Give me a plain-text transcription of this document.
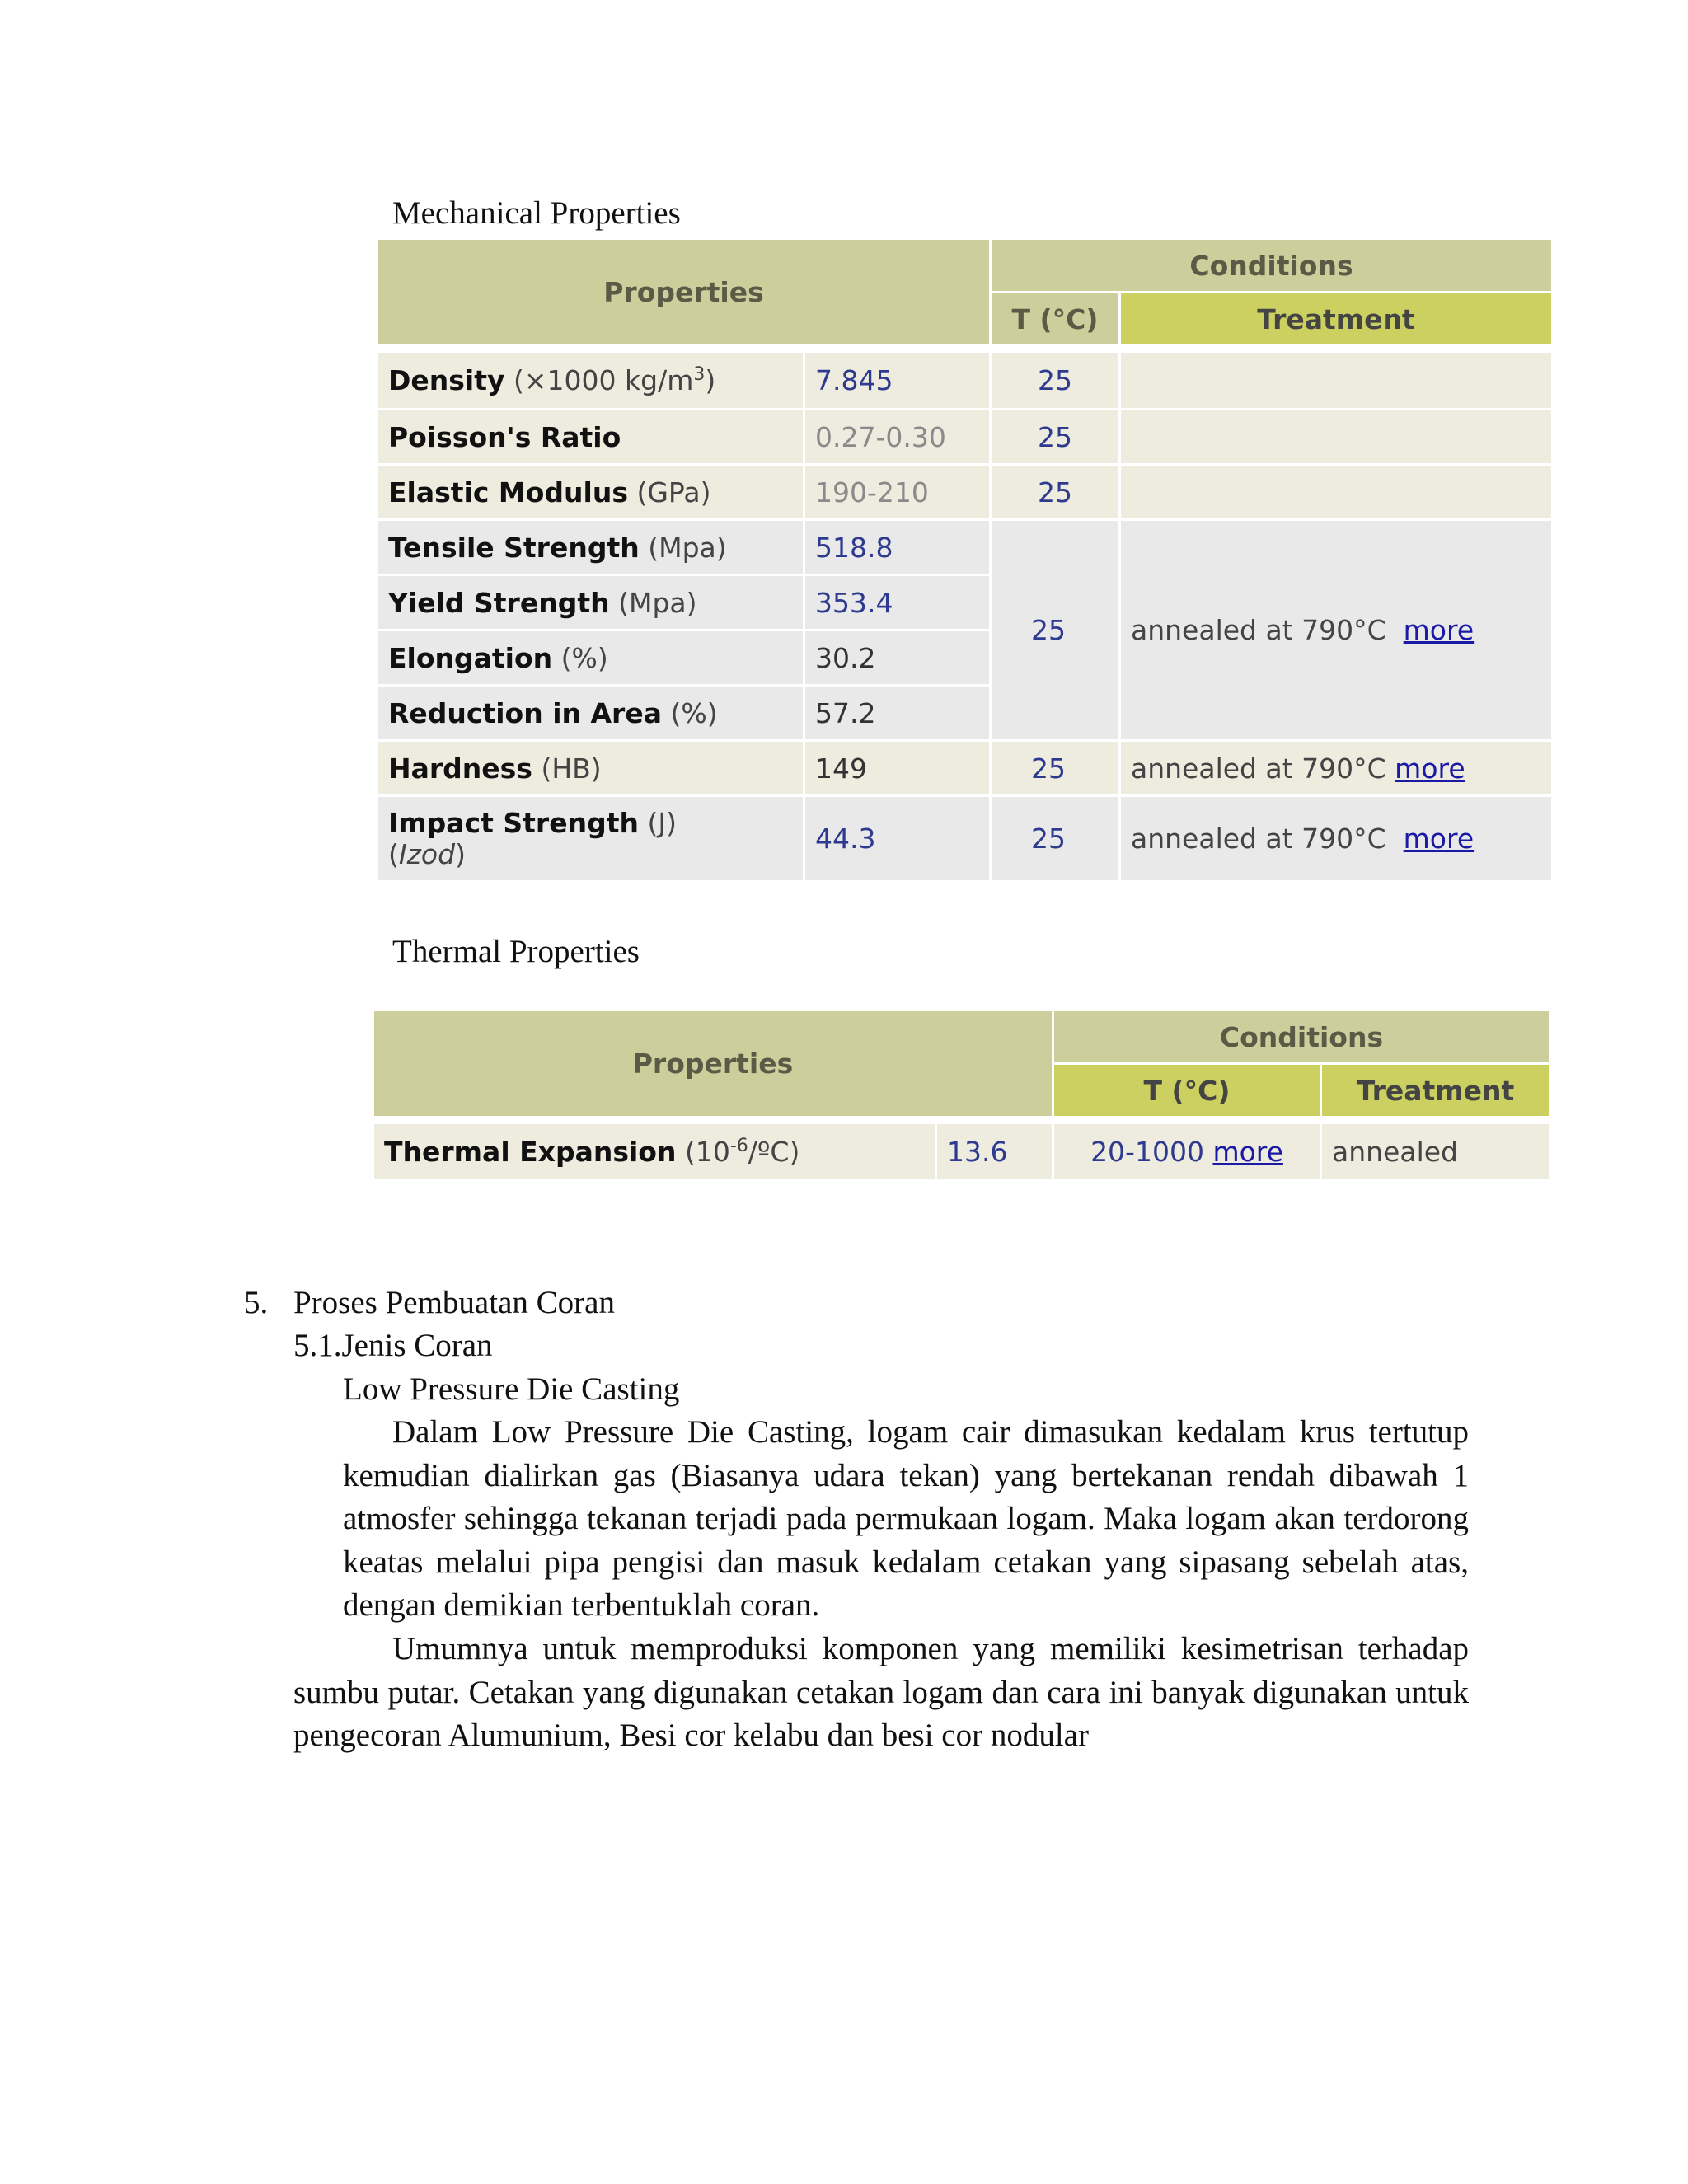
Mechanical Properties
Properties		Conditions	
		T (°C)	Treatment

Density (×1000 $kg/m^3$)	7.845	25	
Poisson's Ratio	0.27-0.30	25	
Elastic Modulus (GPa)	190-210	25	
Tensile Strength (Mpa)	518.8	25	annealed at 790°C more
Yield Strength (Mpa)	353.4		
Elongation (%)	30.2		
Reduction in Area (%)	57.2		
Hardness (HB)	149	25	annealed at 790°C more
Impact Strength (J)
(Izod)	44.3	25	annealed at 790°C more
Thermal Properties
Properties		Conditions	
		T (°C)	Treatment

Thermal Expansion $(10^{-6}/ºC)$	13.6	20-1000 more	annealed
5. Proses Pembuatan Coran
5.1.Jenis Coran
Low Pressure Die Casting
Dalam Low Pressure Die Casting, logam cair dimasukan kedalam krus tertutup kemudian dialirkan gas (Biasanya udara tekan) yang bertekanan rendah dibawah 1 atmosfer sehingga tekanan terjadi pada permukaan logam. Maka logam akan terdorong keatas melalui pipa pengisi dan masuk kedalam cetakan yang sipasang sebelah atas, dengan demikian terbentuklah coran.
Umumnya untuk memproduksi komponen yang memiliki kesimetrisan terhadap sumbu putar. Cetakan yang digunakan cetakan logam dan cara ini banyak digunakan untuk pengecoran Alumunium, Besi cor kelabu dan besi cor nodular
